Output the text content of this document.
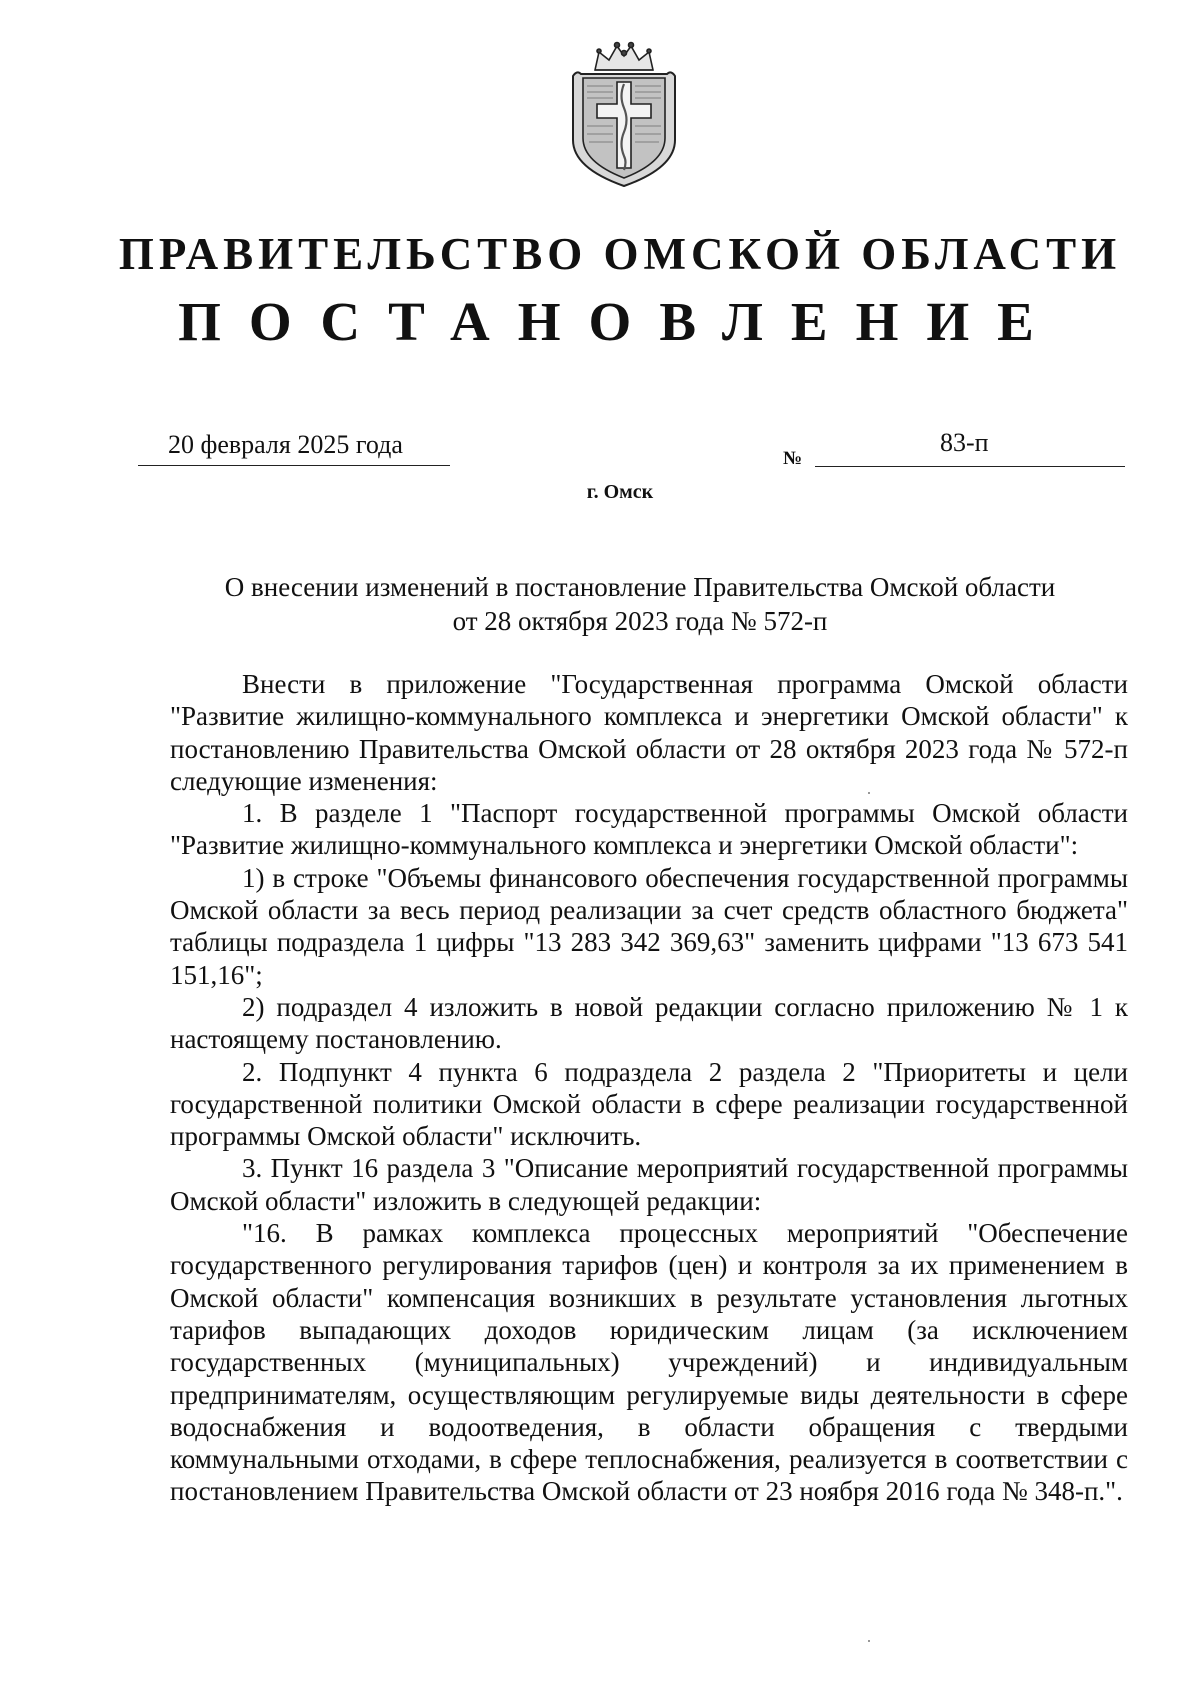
ПРАВИТЕЛЬСТВО ОМСКОЙ ОБЛАСТИ
ПОСТАНОВЛЕНИЕ
20 февраля 2025 года	№
83-п
г. Омск
О внесении изменений в постановление Правительства Омской области
от 28 октября 2023 года № 572-п

Внести в приложение "Государственная программа Омской области "Развитие жилищно-коммунального комплекса и энергетики Омской области" к постановлению Правительства Омской области от 28 октября 2023 года № 572-п следующие изменения:

1. В разделе 1 "Паспорт государственной программы Омской области "Развитие жилищно-коммунального комплекса и энергетики Омской области":

1) в строке "Объемы финансового обеспечения государственной программы Омской области за весь период реализации за счет средств областного бюджета" таблицы подраздела 1 цифры "13 283 342 369,63" заменить цифрами "13 673 541 151,16";

2) подраздел 4 изложить в новой редакции согласно приложению № 1 к настоящему постановлению.

2. Подпункт 4 пункта 6 подраздела 2 раздела 2 "Приоритеты и цели государственной политики Омской области в сфере реализации государственной программы Омской области" исключить.

3. Пункт 16 раздела 3 "Описание мероприятий государственной программы Омской области" изложить в следующей редакции:

"16. В рамках комплекса процессных мероприятий "Обеспечение государственного регулирования тарифов (цен) и контроля за их применением в Омской области" компенсация возникших в результате установления льготных тарифов выпадающих доходов юридическим лицам (за исключением государственных (муниципальных) учреждений) и индивидуальным предпринимателям, осуществляющим регулируемые виды деятельности в сфере водоснабжения и водоотведения, в области обращения с твердыми коммунальными отходами, в сфере теплоснабжения, реализуется в соответствии с постановлением Правительства Омской области от 23 ноября 2016 года № 348-п.".
